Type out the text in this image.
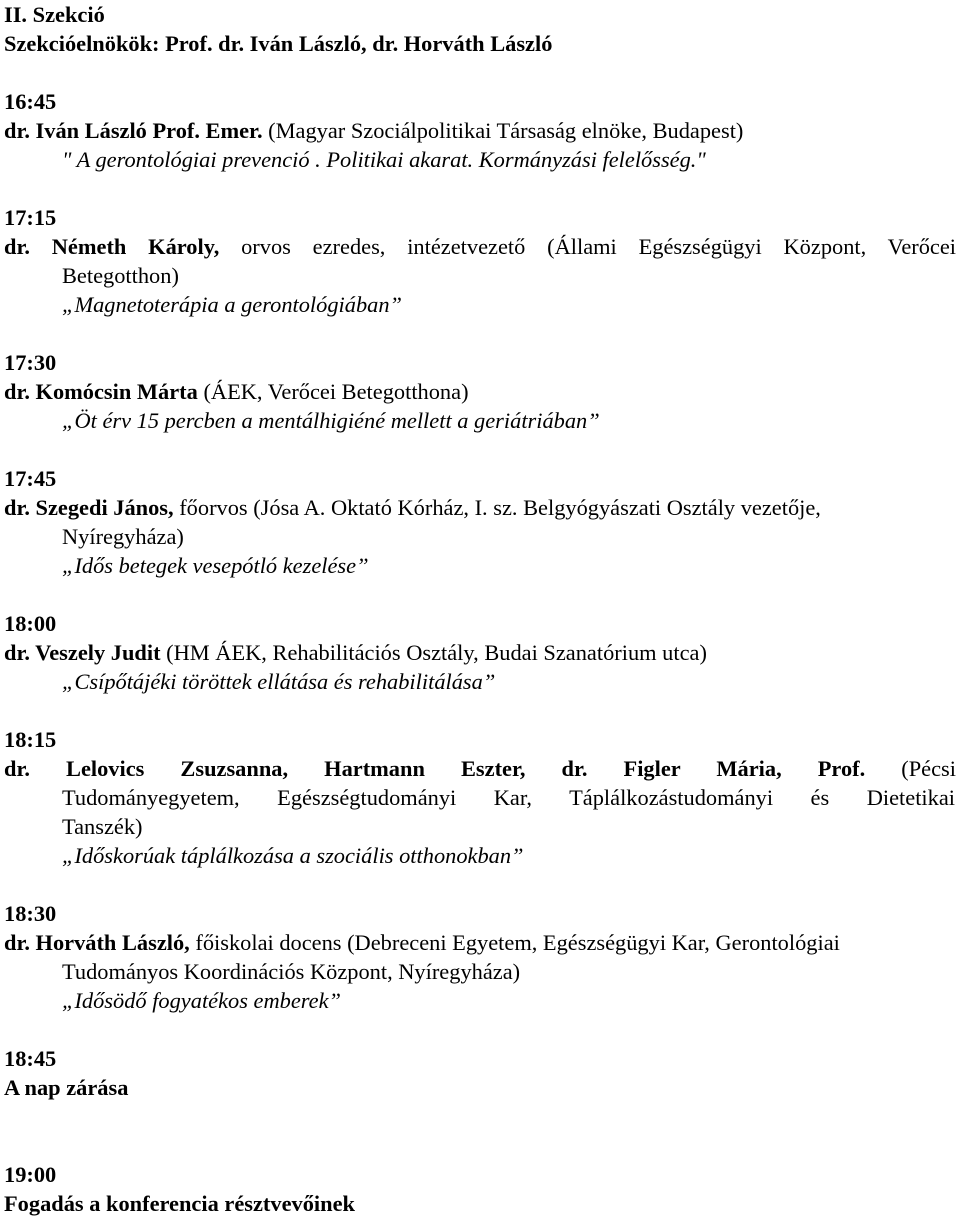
II. Szekció
Szekcióelnökök: Prof. dr. Iván László, dr. Horváth László
16:45
dr. Iván László Prof. Emer. (Magyar Szociálpolitikai Társaság elnöke, Budapest)
" A gerontológiai prevenció . Politikai akarat. Kormányzási felelősség."
17:15
dr. Németh Károly, orvos ezredes, intézetvezető (Állami Egészségügyi Központ, Verőcei
Betegotthon)
„Magnetoterápia a gerontológiában”
17:30
dr. Komócsin Márta (ÁEK, Verőcei Betegotthona)
„Öt érv 15 percben a mentálhigiéné mellett a geriátriában”
17:45
dr. Szegedi János, főorvos (Jósa A. Oktató Kórház, I. sz. Belgyógyászati Osztály vezetője,
Nyíregyháza)
„Idős betegek vesepótló kezelése”
18:00
dr. Veszely Judit (HM ÁEK, Rehabilitációs Osztály, Budai Szanatórium utca)
„Csípőtájéki töröttek ellátása és rehabilitálása”
18:15
dr. Lelovics Zsuzsanna, Hartmann Eszter, dr. Figler Mária, Prof. (Pécsi
Tudományegyetem, Egészségtudományi Kar, Táplálkozástudományi és Dietetikai
Tanszék)
„Időskorúak táplálkozása a szociális otthonokban”
18:30
dr. Horváth László, főiskolai docens (Debreceni Egyetem, Egészségügyi Kar, Gerontológiai
Tudományos Koordinációs Központ, Nyíregyháza)
„Idősödő fogyatékos emberek”
18:45
A nap zárása
19:00
Fogadás a konferencia résztvevőinek
